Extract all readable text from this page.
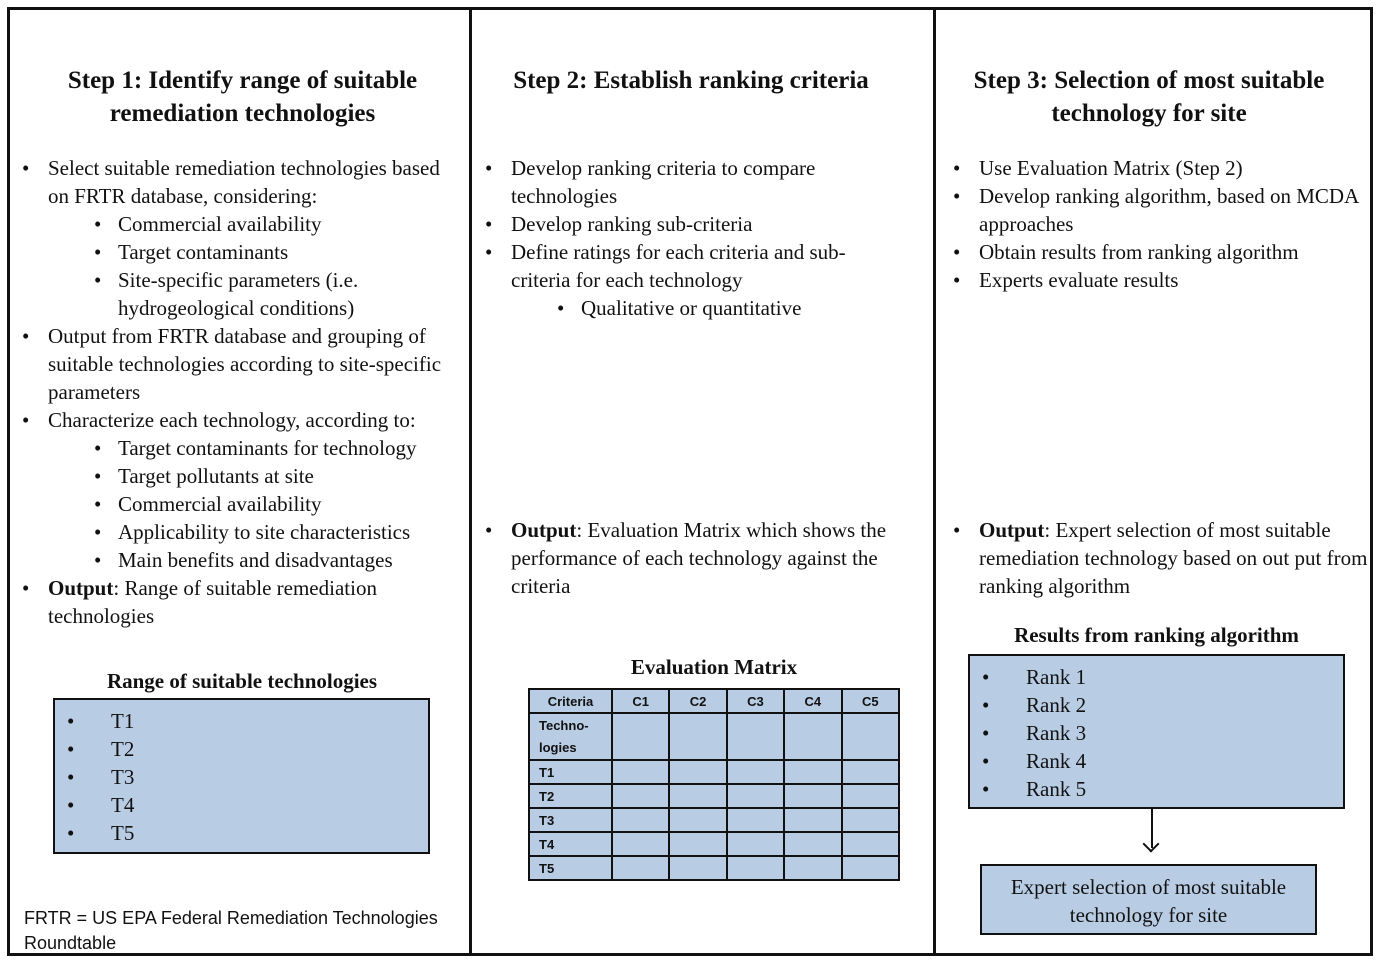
Step 1: Identify range of suitable remediation technologies
• Select suitable remediation technologies based on FRTR database, considering:
• Commercial availability
• Target contaminants
• Site-specific parameters (i.e. hydrogeological conditions)
• Output from FRTR database and grouping of suitable technologies according to site-specific parameters
• Characterize each technology, according to:
• Target contaminants for technology
• Target pollutants at site
• Commercial availability
• Applicability to site characteristics
• Main benefits and disadvantages
• Output: Range of suitable remediation technologies
Range of suitable technologies
• T1
• T2
• T3
• T4
• T5
FRTR = US EPA Federal Remediation Technologies Roundtable
Step 2: Establish ranking criteria
• Develop ranking criteria to compare technologies
• Develop ranking sub-criteria
• Define ratings for each criteria and sub-criteria for each technology
• Qualitative or quantitative
• Output: Evaluation Matrix which shows the performance of each technology against the criteria
Evaluation Matrix
Criteria	C1	C2	C3	C4	C5
Techno-logies					
T1					
T2					
T3					
T4					
T5					
Step 3: Selection of most suitable technology for site
• Use Evaluation Matrix (Step 2)
• Develop ranking algorithm, based on MCDA approaches
• Obtain results from ranking algorithm
• Experts evaluate results
• Output: Expert selection of most suitable remediation technology based on out put from ranking algorithm
Results from ranking algorithm
• Rank 1
• Rank 2
• Rank 3
• Rank 4
• Rank 5
Expert selection of most suitable technology for site
